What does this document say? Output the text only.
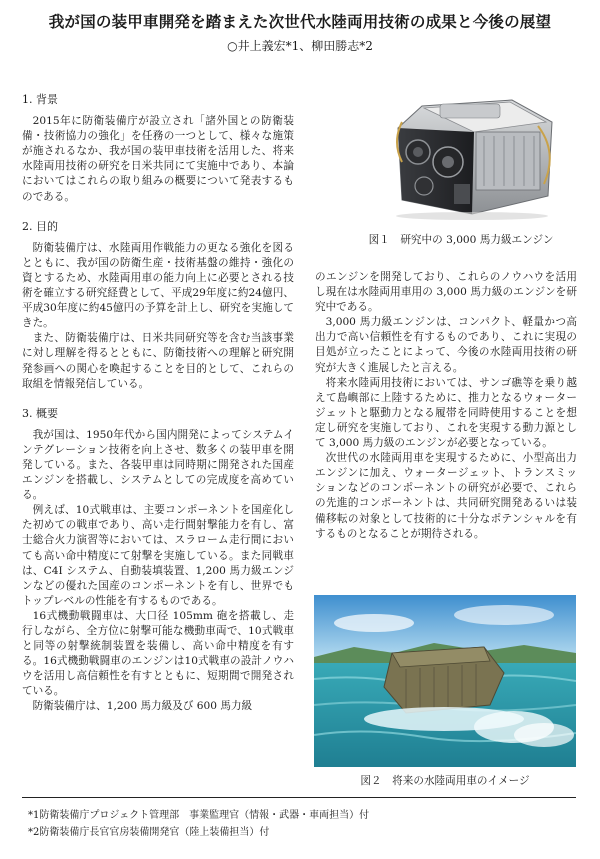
我が国の装甲車開発を踏まえた次世代水陸両用技術の成果と今後の展望
○井上義宏*1、柳田勝志*2

1. 背景

2015年に防衛装備庁が設立され「諸外国との防衛装備・技術協力の強化」を任務の一つとして、様々な施策が施されるなか、我が国の装甲車技術を活用した、将来水陸両用技術の研究を日米共同にて実施中であり、本論においてはこれらの取り組みの概要について発表するものである。

2. 目的

防衛装備庁は、水陸両用作戦能力の更なる強化を図るとともに、我が国の防衛生産・技術基盤の維持・強化の資とするため、水陸両用車の能力向上に必要とされる技術を確立する研究経費として、平成29年度に約24億円、平成30年度に約45億円の予算を計上し、研究を実施してきた。

また、防衛装備庁は、日米共同研究等を含む当該事業に対し理解を得るとともに、防衛技術への理解と研究開発参画への関心を喚起することを目的として、これらの取組を情報発信している。

3. 概要

我が国は、1950年代から国内開発によってシステムインテグレーション技術を向上させ、数多くの装甲車を開発している。また、各装甲車は同時期に開発された国産エンジンを搭載し、システムとしての完成度を高めている。

例えば、10式戦車は、主要コンポーネントを国産化した初めての戦車であり、高い走行間射撃能力を有し、富士総合火力演習等においては、スラローム走行間においても高い命中精度にて射撃を実施している。また同戦車は、C4I システム、自動装填装置、1,200 馬力級エンジンなどの優れた国産のコンポーネントを有し、世界でもトップレベルの性能を有するものである。

16式機動戦闘車は、大口径 105mm 砲を搭載し、走行しながら、全方位に射撃可能な機動車両で、10式戦車と同等の射撃統制装置を装備し、高い命中精度を有する。16式機動戦闘車のエンジンは10式戦車の設計ノウハウを活用し高信頼性を有すとともに、短期間で開発されている。

防衛装備庁は、1,200 馬力級及び 600 馬力級

図１　研究中の 3,000 馬力級エンジン

のエンジンを開発しており、これらのノウハウを活用し現在は水陸両用車用の 3,000 馬力級のエンジンを研究中である。

3,000 馬力級エンジンは、コンパクト、軽量かつ高出力で高い信頼性を有するものであり、これに実現の目処が立ったことによって、今後の水陸両用技術の研究が大きく進展したと言える。

将来水陸両用技術においては、サンゴ礁等を乗り越えて島嶼部に上陸するために、推力となるウォータージェットと駆動力となる履帯を同時使用することを想定し研究を実施しており、これを実現する動力源として 3,000 馬力級のエンジンが必要となっている。

次世代の水陸両用車を実現するために、小型高出力エンジンに加え、ウォータージェット、トランスミッションなどのコンポーネントの研究が必要で、これらの先進的コンポーネントは、共同研究開発あるいは装備移転の対象として技術的に十分なポテンシャルを有するものとなることが期待される。

図２　将来の水陸両用車のイメージ
*1防衛装備庁プロジェクト管理部　事業監理官（情報・武器・車両担当）付
*2防衛装備庁長官官房装備開発官（陸上装備担当）付
